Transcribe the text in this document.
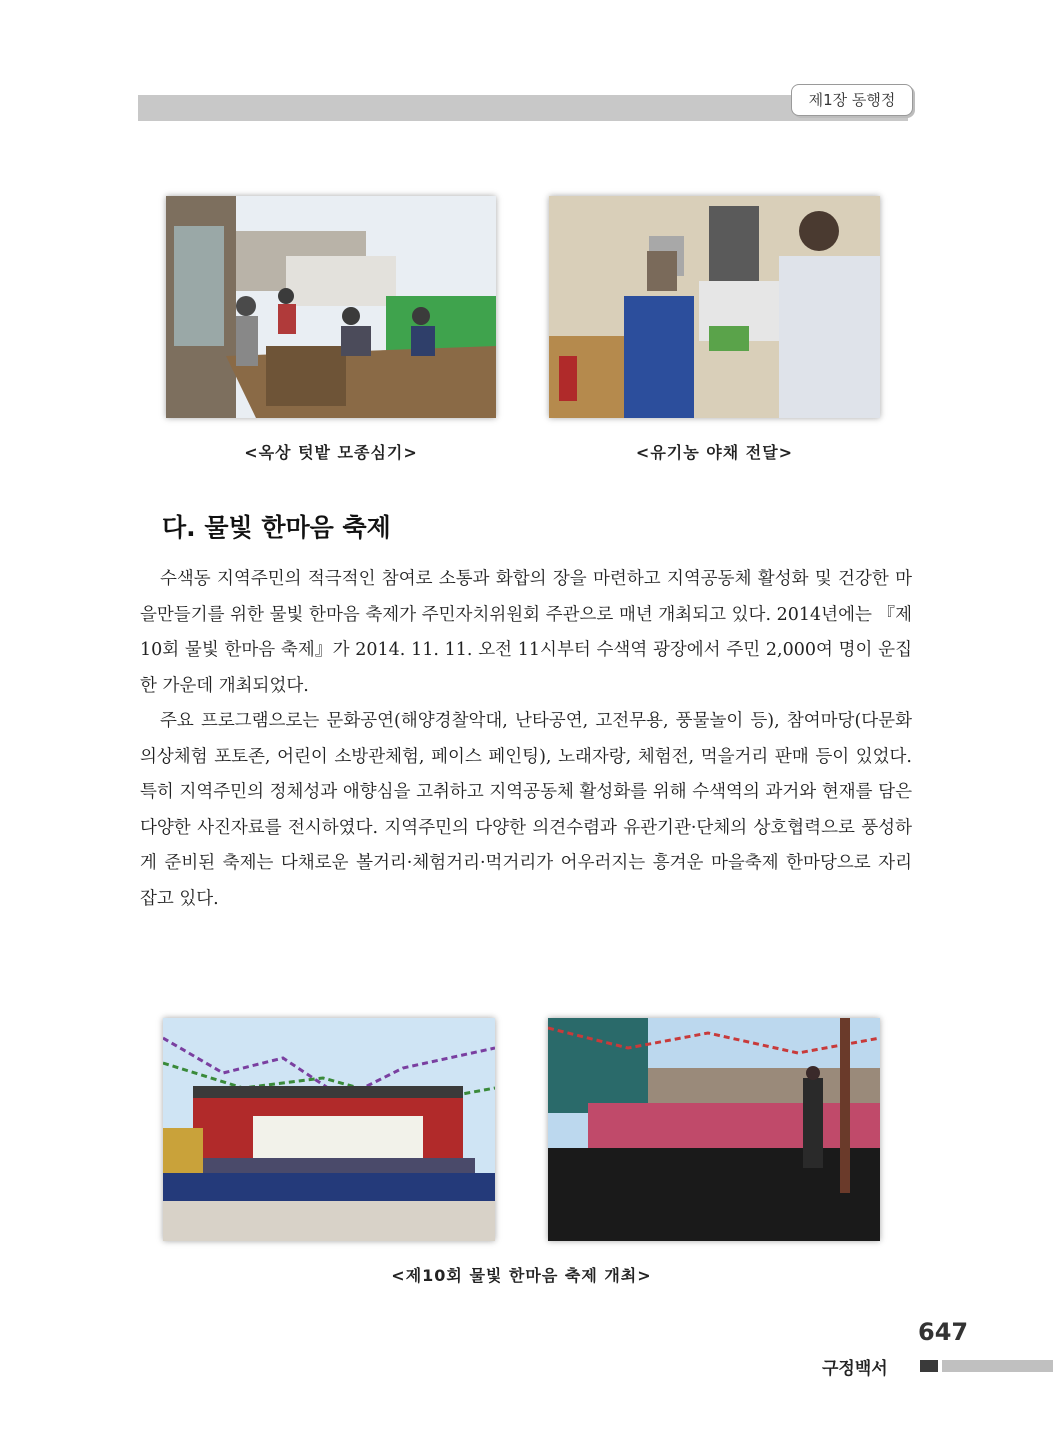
제1장 동행정
<옥상 텃밭 모종심기>	<유기농 야채 전달>
다. 물빛 한마음 축제

수색동 지역주민의 적극적인 참여로 소통과 화합의 장을 마련하고 지역공동체 활성화 및 건강한 마을만들기를 위한 물빛 한마음 축제가 주민자치위원회 주관으로 매년 개최되고 있다. 2014년에는 『제10회 물빛 한마음 축제』가 2014. 11. 11. 오전 11시부터 수색역 광장에서 주민 2,000여 명이 운집한 가운데 개최되었다.

주요 프로그램으로는 문화공연(해양경찰악대, 난타공연, 고전무용, 풍물놀이 등), 참여마당(다문화의상체험 포토존, 어린이 소방관체험, 페이스 페인팅), 노래자랑, 체험전, 먹을거리 판매 등이 있었다. 특히 지역주민의 정체성과 애향심을 고취하고 지역공동체 활성화를 위해 수색역의 과거와 현재를 담은 다양한 사진자료를 전시하였다. 지역주민의 다양한 의견수렴과 유관기관·단체의 상호협력으로 풍성하게 준비된 축제는 다채로운 볼거리·체험거리·먹거리가 어우러지는 흥겨운 마을축제 한마당으로 자리 잡고 있다.

<제10회 물빛 한마음 축제 개최>
647
구정백서
